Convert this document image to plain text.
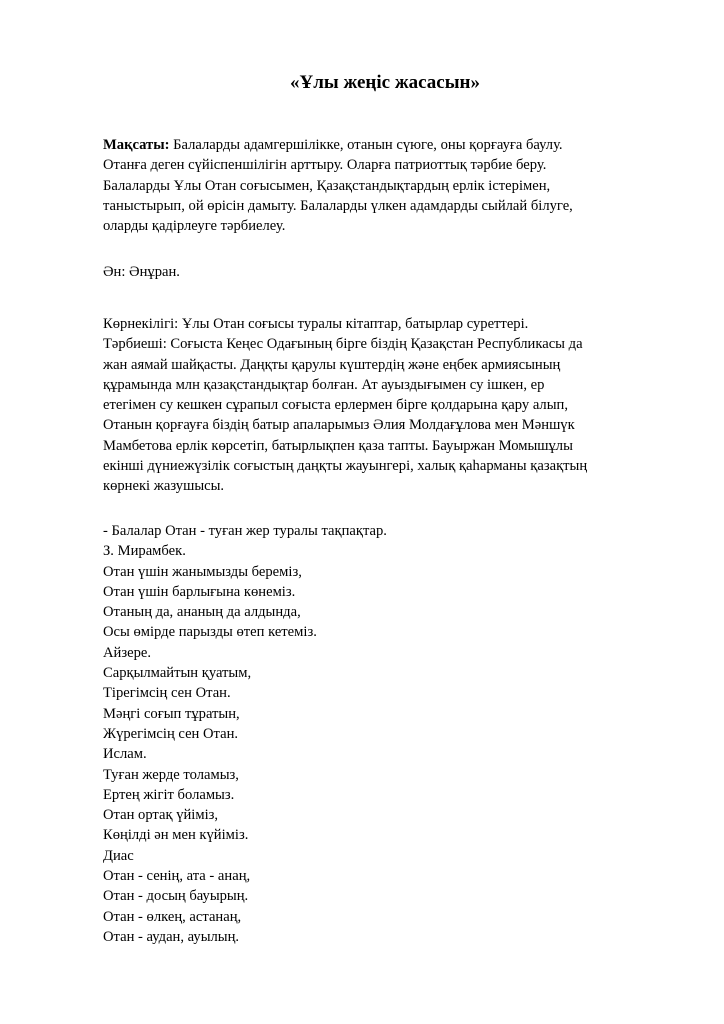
«Ұлы жеңіс жасасын»

Мақсаты: Балаларды адамгершілікке, отанын сүюге, оны қорғауға баулу.

Отанға деген сүйіспеншілігін арттыру. Оларға патриоттық тәрбие беру.

Балаларды Ұлы Отан соғысымен, Қазақстандықтардың ерлік істерімен,

таныстырып, ой өрісін дамыту. Балаларды үлкен адамдарды сыйлай білуге,

оларды қадірлеуге тәрбиелеу.

Ән: Әнұран.

Көрнекілігі: Ұлы Отан соғысы туралы кітаптар, батырлар суреттері.

Тәрбиеші: Соғыста Кеңес Одағының бірге біздің Қазақстан Республикасы да

жан аямай шайқасты. Даңқты қарулы күштердің және еңбек армиясының

құрамында млн қазақстандықтар болған. Ат ауыздығымен су ішкен, ер

етегімен су кешкен сұрапыл соғыста ерлермен бірге қолдарына қару алып,

Отанын қорғауға біздің батыр апаларымыз Әлия Молдағұлова мен Мәншүк

Мамбетова ерлік көрсетіп, батырлықпен қаза тапты. Бауыржан Момышұлы

екінші дүниежүзілік соғыстың даңқты жауынгері, халық қаһарманы қазақтың

көрнекі жазушысы.

- Балалар Отан - туған жер туралы тақпақтар.

З. Мирамбек.

Отан үшін жанымызды береміз,

Отан үшін барлығына көнеміз.

Отаның да, ананың да алдында,

Осы өмірде парызды өтеп кетеміз.

Айзере.

Сарқылмайтын қуатым,

Тірегімсің сен Отан.

Мәңгі соғып тұратын,

Жүрегімсің сен Отан.

Ислам.

Туған жерде толамыз,

Ертең жігіт боламыз.

Отан ортақ үйіміз,

Көңілді ән мен күйіміз.

Диас

Отан - сенің, ата - анаң,

Отан - досың бауырың.

Отан - өлкең, астанаң,

Отан - аудан, ауылың.
